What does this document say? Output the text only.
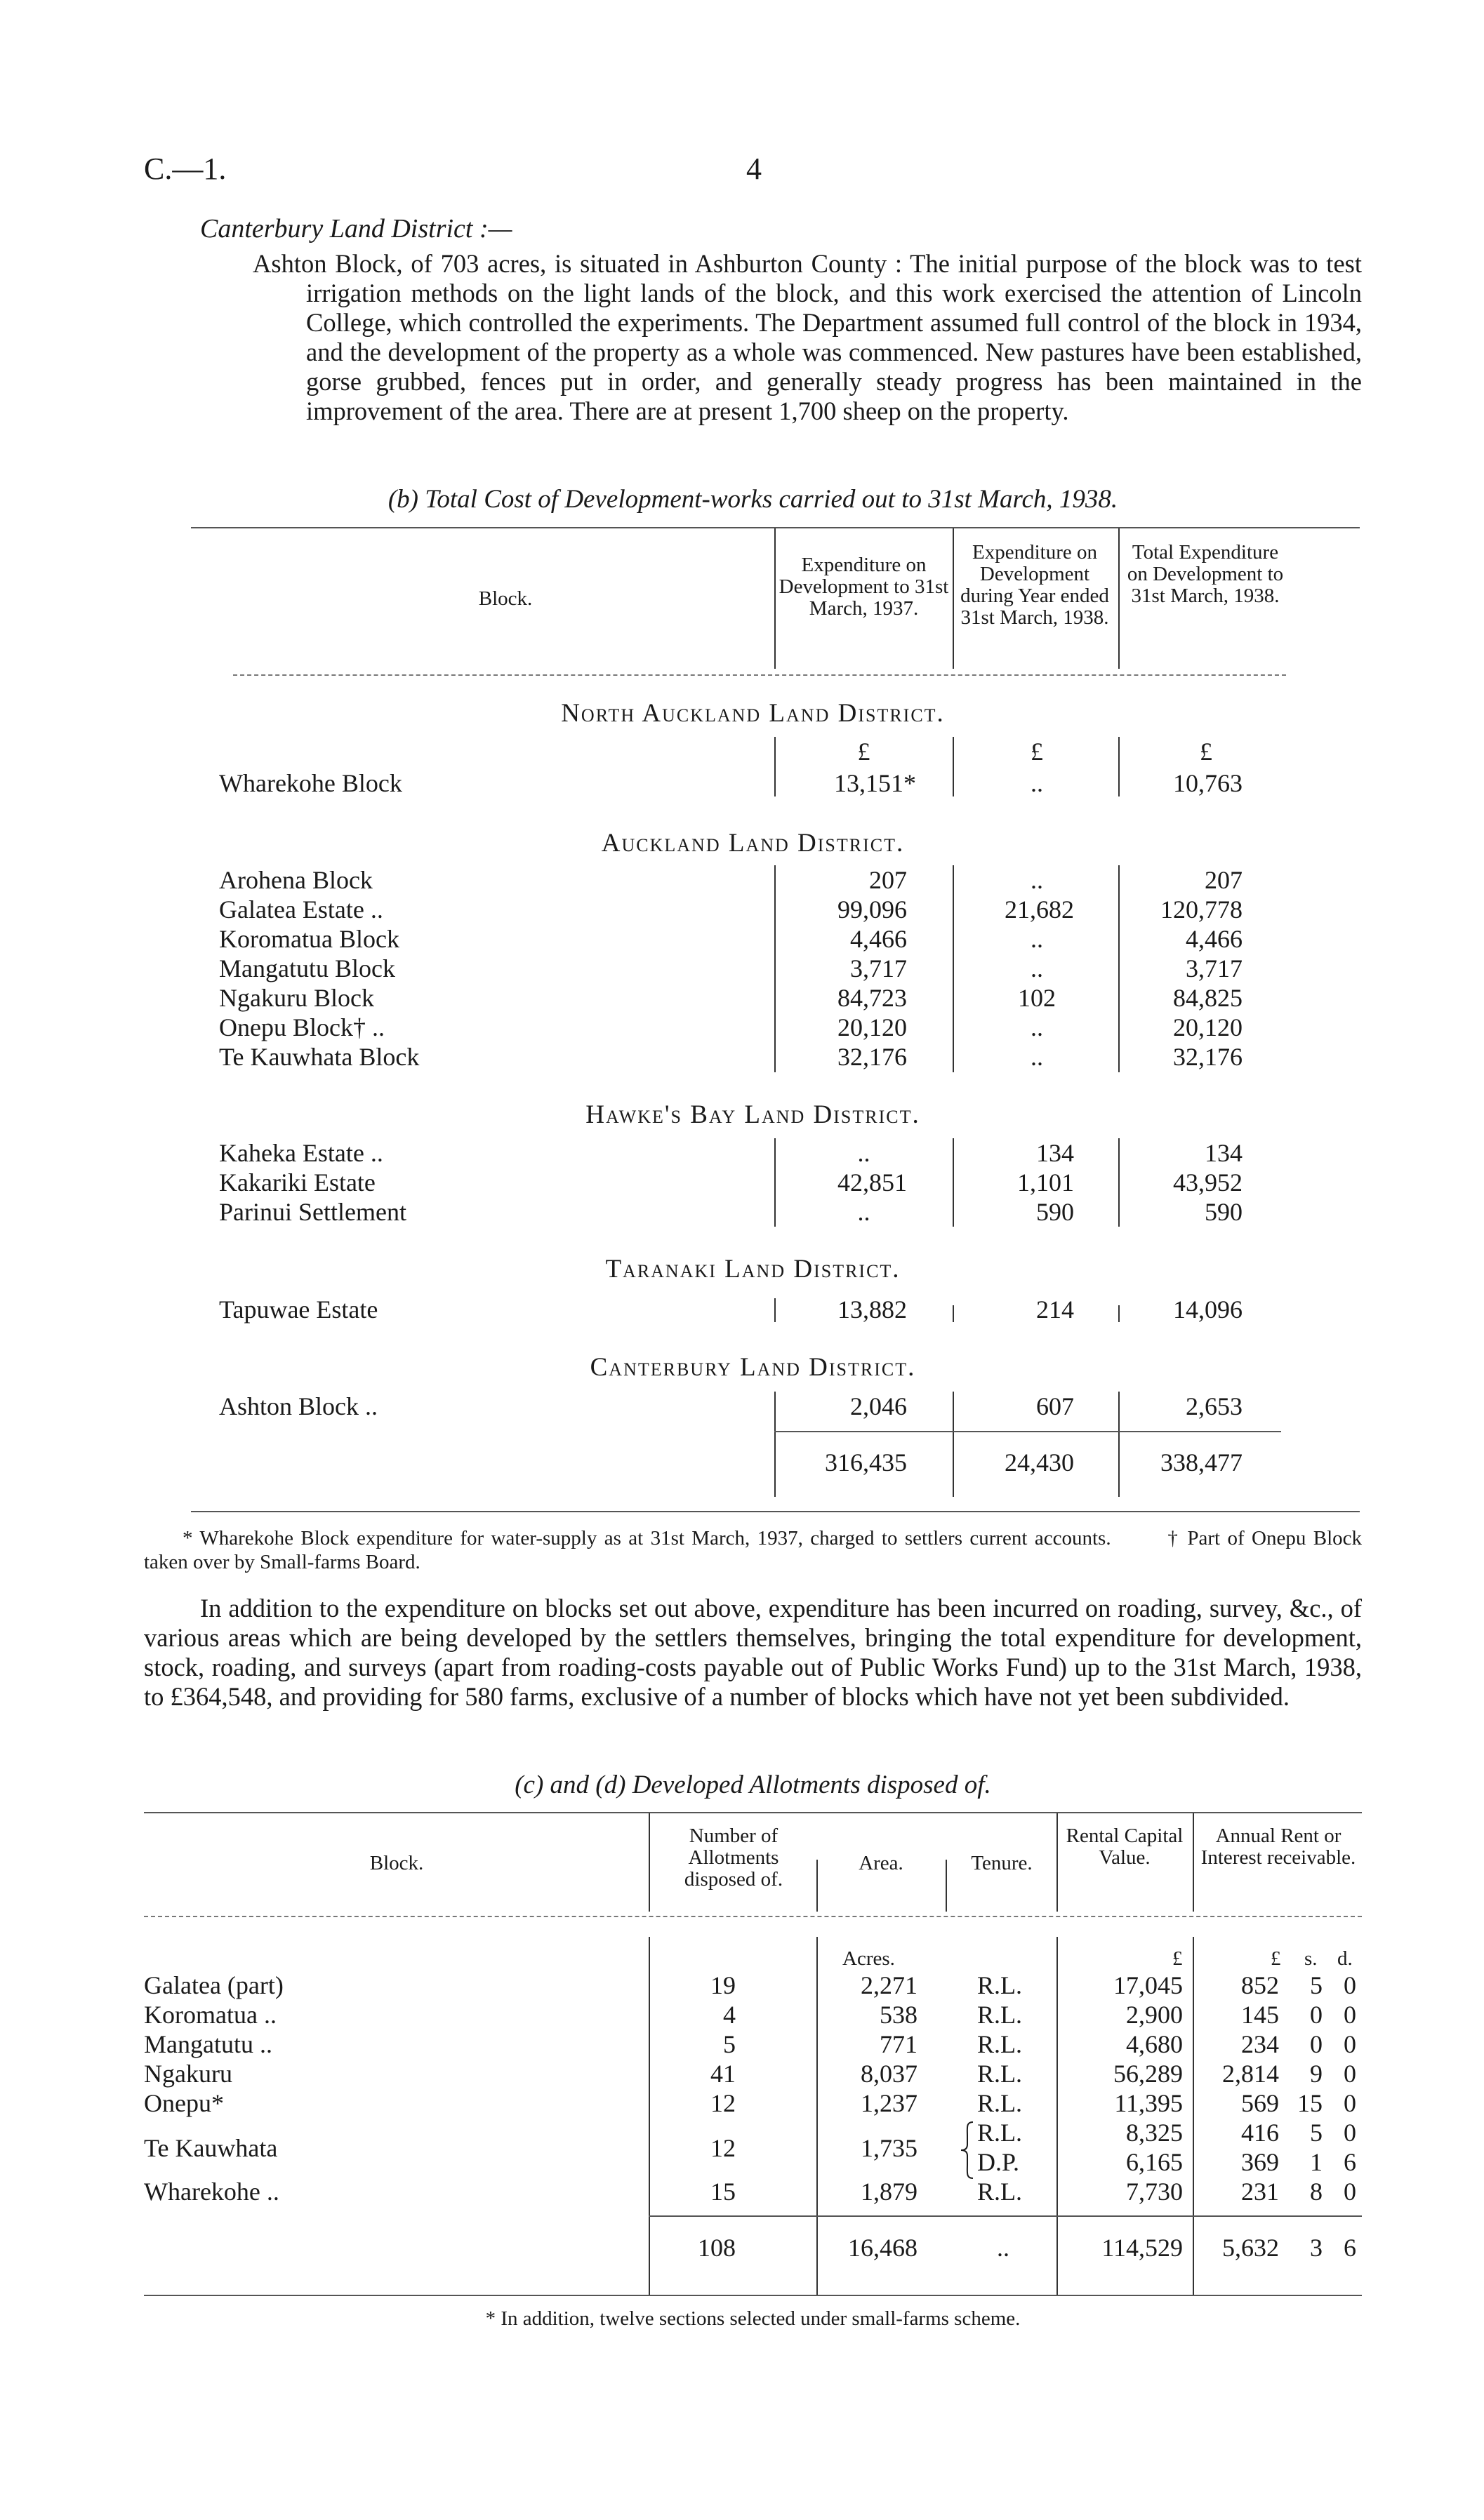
C.—1.	4
Canterbury Land District :—
Ashton Block, of 703 acres, is situated in Ashburton County : The initial purpose of the block was to test irrigation methods on the light lands of the block, and this work exercised the attention of Lincoln College, which controlled the experiments. The Department assumed full control of the block in 1934, and the development of the property as a whole was commenced. New pastures have been established, gorse grubbed, fences put in order, and generally steady progress has been maintained in the improvement of the area. There are at present 1,700 sheep on the property.
(b) Total Cost of Development-works carried out to 31st March, 1938.
Block.
Expenditure on Development to 31st March, 1937.
Expenditure on Development during Year ended 31st March, 1938.
Total Expenditure on Development to 31st March, 1938.
North Auckland Land District.
£	£	£
Wharekohe Block	13,151*	..	10,763
Auckland Land District.
Arohena Block	207	..	207
Galatea Estate ..	99,096	21,682	120,778
Koromatua Block	4,466	..	4,466
Mangatutu Block	3,717	..	3,717
Ngakuru Block	84,723	102	84,825
Onepu Block† ..	20,120	..	20,120
Te Kauwhata Block	32,176	..	32,176
Hawke's Bay Land District.
Kaheka Estate ..	..	134	134
Kakariki Estate	42,851	1,101	43,952
Parinui Settlement	..	590	590
Taranaki Land District.
Tapuwae Estate	13,882	214	14,096
Canterbury Land District.
Ashton Block ..	2,046	607	2,653
316,435	24,430	338,477
* Wharekohe Block expenditure for water-supply as at 31st March, 1937, charged to settlers current accounts.	† Part of Onepu Block taken over by Small-farms Board.
In addition to the expenditure on blocks set out above, expenditure has been incurred on roading, survey, &c., of various areas which are being developed by the settlers themselves, bringing the total expenditure for development, stock, roading, and surveys (apart from roading-costs payable out of Public Works Fund) up to the 31st March, 1938, to £364,548, and providing for 580 farms, exclusive of a number of blocks which have not yet been subdivided.
(c) and (d) Developed Allotments disposed of.
Block.
Number of Allotments disposed of.
Area.	Tenure.
Rental Capital Value.
Annual Rent or Interest receivable.
Acres.	£	£ s. d.
Galatea (part)	19	2,271 R.L.	17,045	852	5 0
Koromatua ..	4	538 R.L.	2,900	145	0 0
Mangatutu ..	5	771 R.L.	4,680	234	0 0
Ngakuru	41	8,037 R.L.	56,289	2,814	9 0
Onepu*	12	1,237 R.L.	11,395	569 15 0
Te Kauwhata	12	1,735
R.L.	8,325	416	5 0
D.P.	6,165	369	1 6
Wharekohe ..	15	1,879 R.L.	7,730	231	8 0
108	16,468	..	114,529	5,632	3 6
* In addition, twelve sections selected under small-farms scheme.
